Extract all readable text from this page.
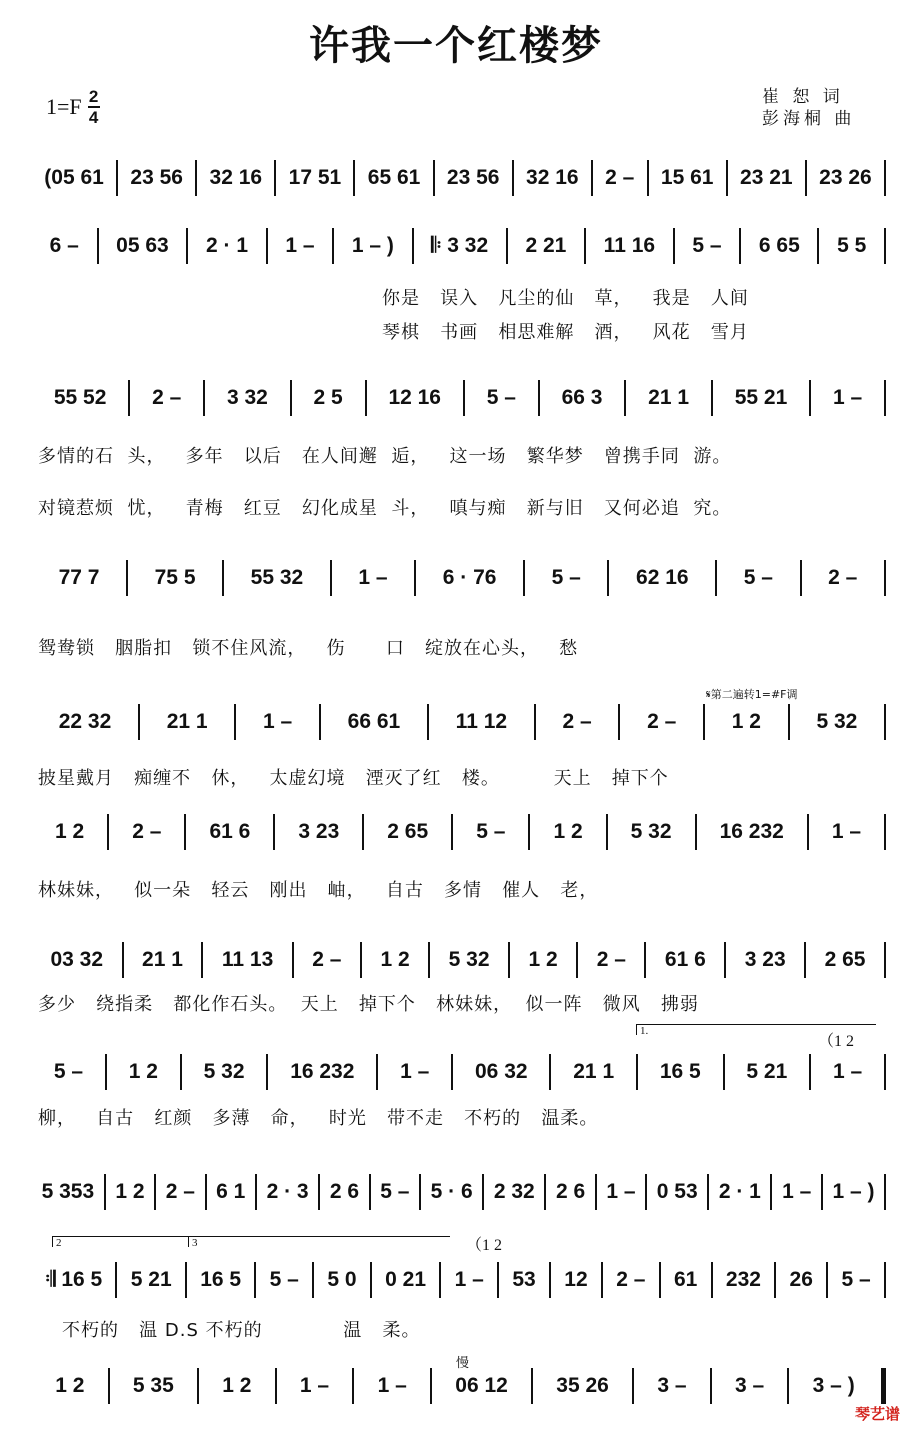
许我一个红楼梦
$1=F \frac{2}{4}$	崔 恕 词
彭海桐 曲
(05 61	23 56	32 16	17 51	65 61	23 56	32 16	2 –	15 61	23 21	23 26
6 –	05 63	2 · 1	1 –	1 – )	𝄆 3 32	2 21	11 16	5 –	6 65	5 5
55 52	2 –	3 32	2 5	12 16	5 –	66 3	21 1	55 21	1 –
77 7	75 5	55 32	1 –	6 · 76	5 –	62 16	5 –	2 –
22 32	21 1	1 –	66 61	11 12	2 –	2 –	1 2	5 32
1 2	2 –	61 6	3 23	2 65	5 –	1 2	5 32	16 232	1 –
03 32	21 1	11 13	2 –	1 2	5 32	1 2	2 –	61 6	3 23	2 65
5 –	1 2	5 32	16 232	1 –	06 32	21 1	16 5	5 21	1 –
5 353	1 2	2 –	6 1	2 · 3	2 6	5 –	5 · 6	2 32	2 6	1 –	0 53	2 · 1	1 –	1 – )
𝄇 16 5	5 21	16 5	5 –	5 0	0 21	1 –	53	12	2 –	61	232	26	5 –
1 2	5 35	1 2	1 –	1 –	06 12	35 26	3 –	3 –	3 – )
你是   误入   凡尘的仙   草，   我是   人间
琴棋   书画   相思难解   酒，   风花   雪月
多情的石  头，   多年   以后   在人间邂  逅，   这一场   繁华梦   曾携手同  游。
对镜惹烦  忧，   青梅   红豆   幻化成星  斗，   嗔与痴   新与旧   又何必追  究。
鸳鸯锁   胭脂扣   锁不住风流，   伤      口   绽放在心头，   愁
披星戴月   痴缠不   休，   太虚幻境   湮灭了红   楼。        天上   掉下个
林妹妹，   似一朵   轻云   刚出   岫，   自古   多情   催人   老，
多少   绕指柔   都化作石头。  天上   掉下个   林妹妹，  似一阵   微风   拂弱
柳，   自古   红颜   多薄   命，   时光   带不走   不朽的   温柔。
不朽的   温 D.S 不朽的            温   柔。
𝄋第二遍转1=#F调
1.
（1 2
2	3	（1 2
慢
琴艺谱
